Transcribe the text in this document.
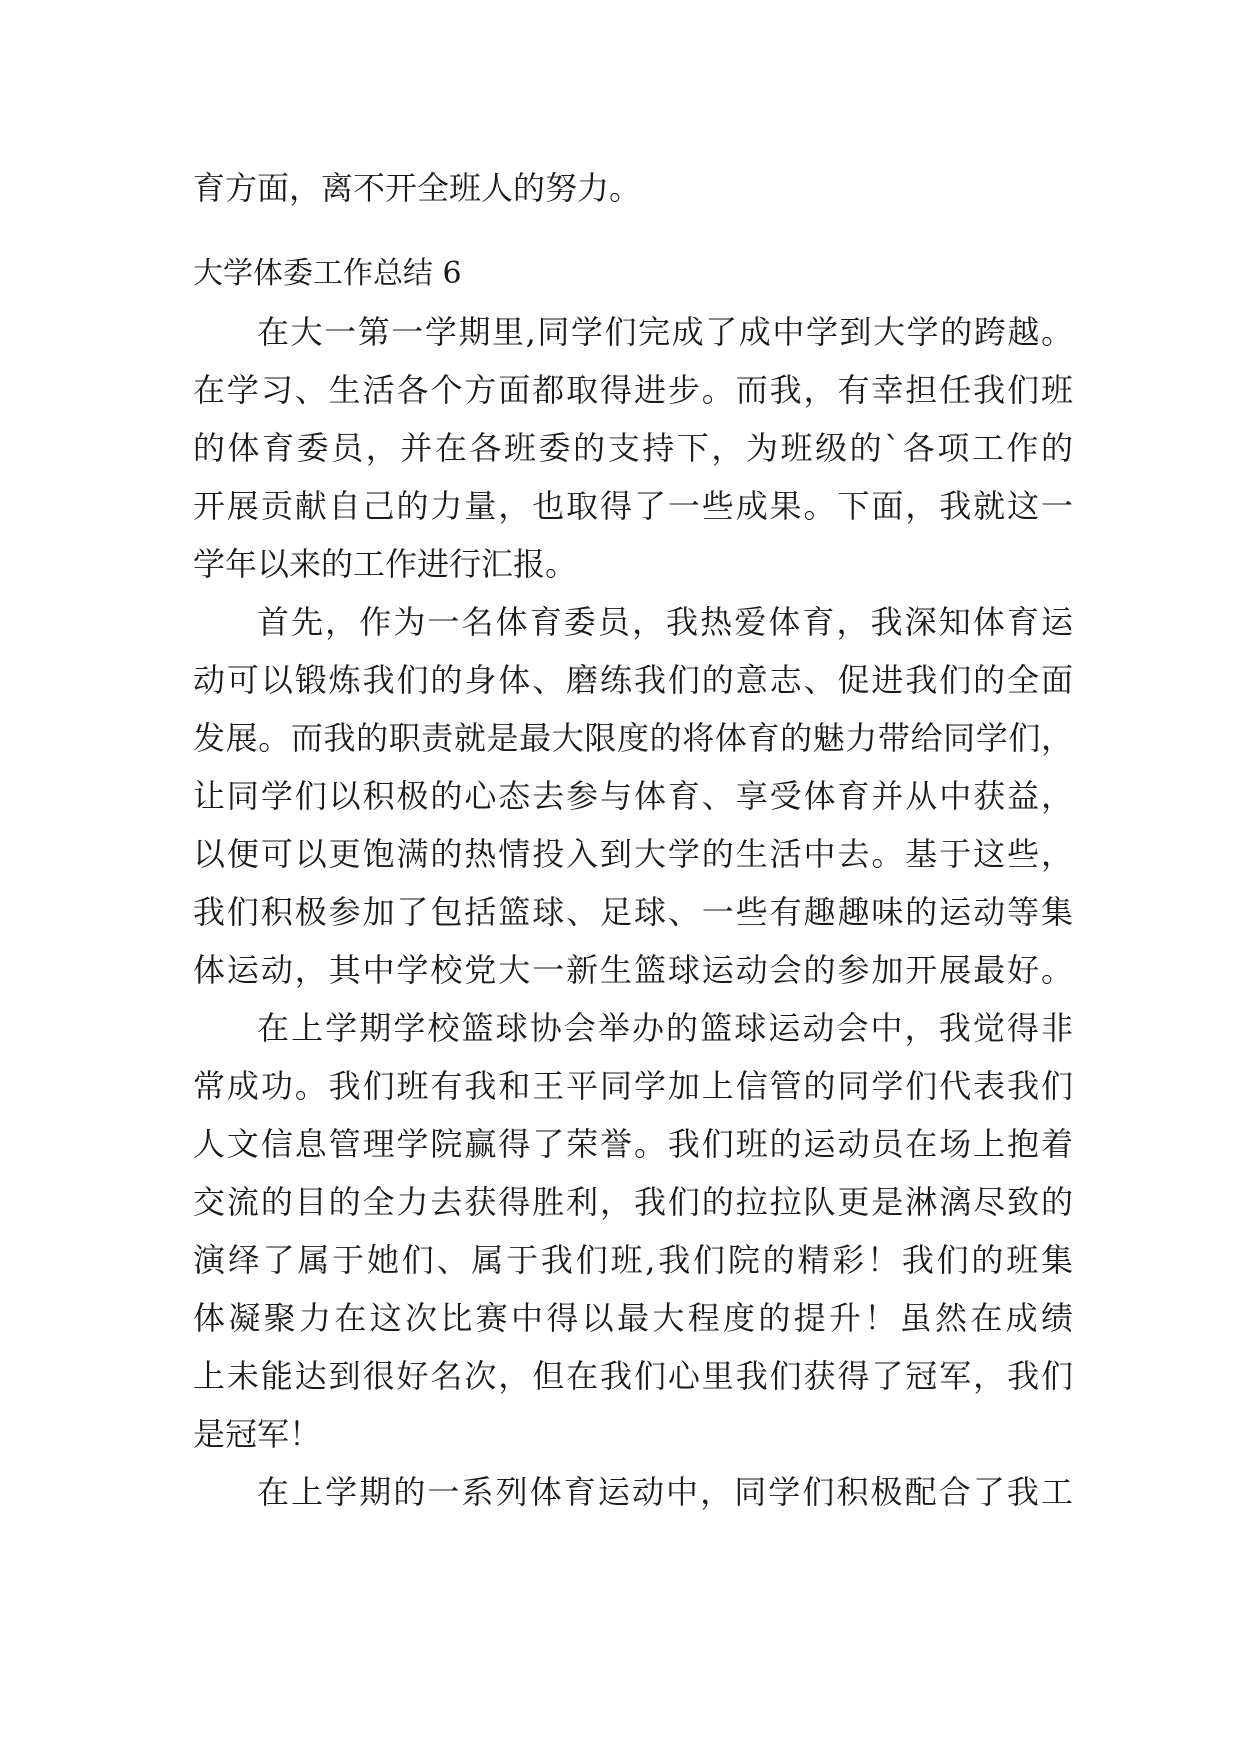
育方面，离不开全班人的努力。
大学体委工作总结 6
在大一第一学期里,同学们完成了成中学到大学的跨越。
在学习、生活各个方面都取得进步。而我，有幸担任我们班
的体育委员，并在各班委的支持下，为班级的`各项工作的
开展贡献自己的力量，也取得了一些成果。下面，我就这一
学年以来的工作进行汇报。
首先，作为一名体育委员，我热爱体育，我深知体育运
动可以锻炼我们的身体、磨练我们的意志、促进我们的全面
发展。而我的职责就是最大限度的将体育的魅力带给同学们，
让同学们以积极的心态去参与体育、享受体育并从中获益，
以便可以更饱满的热情投入到大学的生活中去。基于这些，
我们积极参加了包括篮球、足球、一些有趣趣味的运动等集
体运动，其中学校党大一新生篮球运动会的参加开展最好。
在上学期学校篮球协会举办的篮球运动会中，我觉得非
常成功。我们班有我和王平同学加上信管的同学们代表我们
人文信息管理学院赢得了荣誉。我们班的运动员在场上抱着
交流的目的全力去获得胜利，我们的拉拉队更是淋漓尽致的
演绎了属于她们、属于我们班,我们院的精彩！我们的班集
体凝聚力在这次比赛中得以最大程度的提升！虽然在成绩
上未能达到很好名次，但在我们心里我们获得了冠军，我们
是冠军！
在上学期的一系列体育运动中，同学们积极配合了我工
